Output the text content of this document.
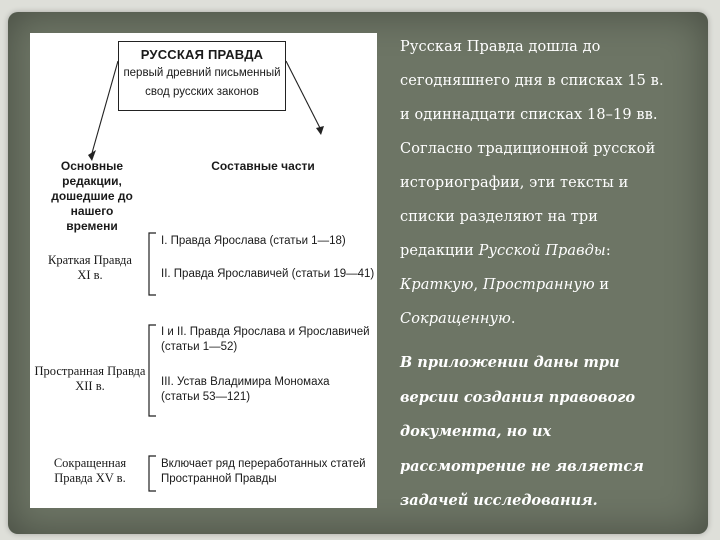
РУССКАЯ ПРАВДА
первый древний письменный
свод русских законов
Основные редакции,
дошедшие до нашего
времени
Составные части
Краткая Правда
XI в.
I. Правда Ярослава (статьи 1—18)
II. Правда Ярославичей (статьи 19—41)
Пространная Правда
XII в.
I и II. Правда Ярослава и Ярославичей
(статьи 1—52)
III. Устав Владимира Мономаха
(статьи 53—121)
Сокращенная
Правда XV в.
Включает ряд переработанных статей
Пространной Правды

Русская Правда дошла до
сегодняшнего дня в списках 15 в.
и одиннадцати списках 18–19 вв.
Согласно традиционной русской
историографии, эти тексты и
списки разделяют на три
редакции Русской Правды:
Краткую, Пространную и
Сокращенную.

В приложении даны три
версии создания правового
документа, но их
рассмотрение не является
задачей исследования.
